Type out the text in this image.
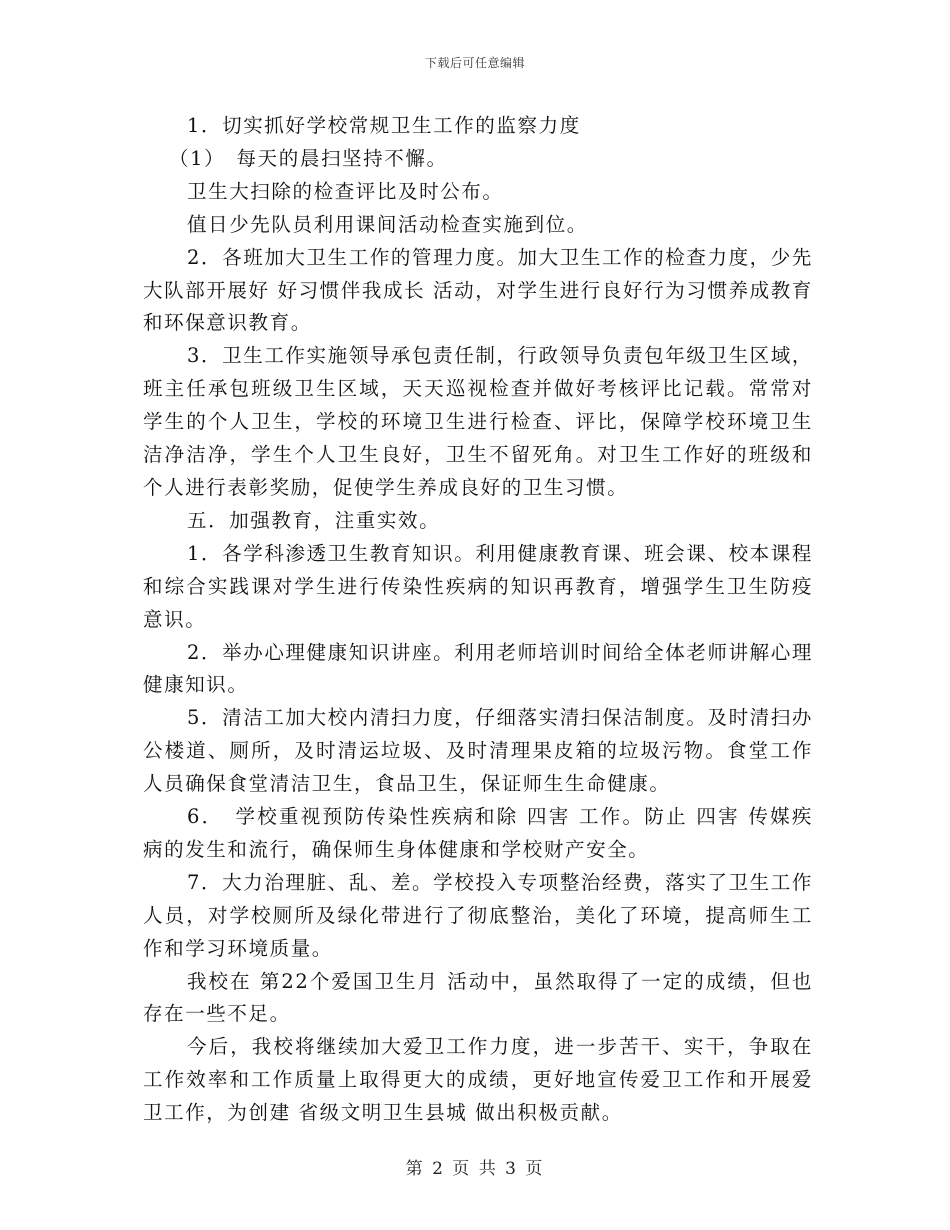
下载后可任意编辑

1．切实抓好学校常规卫生工作的监察力度

（1）　每天的晨扫坚持不懈。

卫生大扫除的检查评比及时公布。

值日少先队员利用课间活动检查实施到位。

2．各班加大卫生工作的管理力度。加大卫生工作的检查力度，少先大队部开展好 好习惯伴我成长 活动，对学生进行良好行为习惯养成教育和环保意识教育。

3．卫生工作实施领导承包责任制，行政领导负责包年级卫生区域，班主任承包班级卫生区域，天天巡视检查并做好考核评比记载。常常对学生的个人卫生，学校的环境卫生进行检查、评比，保障学校环境卫生洁净洁净，学生个人卫生良好，卫生不留死角。对卫生工作好的班级和个人进行表彰奖励，促使学生养成良好的卫生习惯。

五．加强教育，注重实效。

1．各学科渗透卫生教育知识。利用健康教育课、班会课、校本课程和综合实践课对学生进行传染性疾病的知识再教育，增强学生卫生防疫意识。

2．举办心理健康知识讲座。利用老师培训时间给全体老师讲解心理健康知识。

5．清洁工加大校内清扫力度，仔细落实清扫保洁制度。及时清扫办公楼道、厕所，及时清运垃圾、及时清理果皮箱的垃圾污物。食堂工作人员确保食堂清洁卫生，食品卫生，保证师生生命健康。

6．　学校重视预防传染性疾病和除 四害 工作。防止 四害 传媒疾病的发生和流行，确保师生身体健康和学校财产安全。

7．大力治理脏、乱、差。学校投入专项整治经费，落实了卫生工作人员，对学校厕所及绿化带进行了彻底整治，美化了环境，提高师生工作和学习环境质量。

我校在 第22个爱国卫生月 活动中，虽然取得了一定的成绩，但也存在一些不足。

今后，我校将继续加大爱卫工作力度，进一步苦干、实干，争取在工作效率和工作质量上取得更大的成绩，更好地宣传爱卫工作和开展爱卫工作，为创建 省级文明卫生县城 做出积极贡献。

第 2 页 共 3 页
